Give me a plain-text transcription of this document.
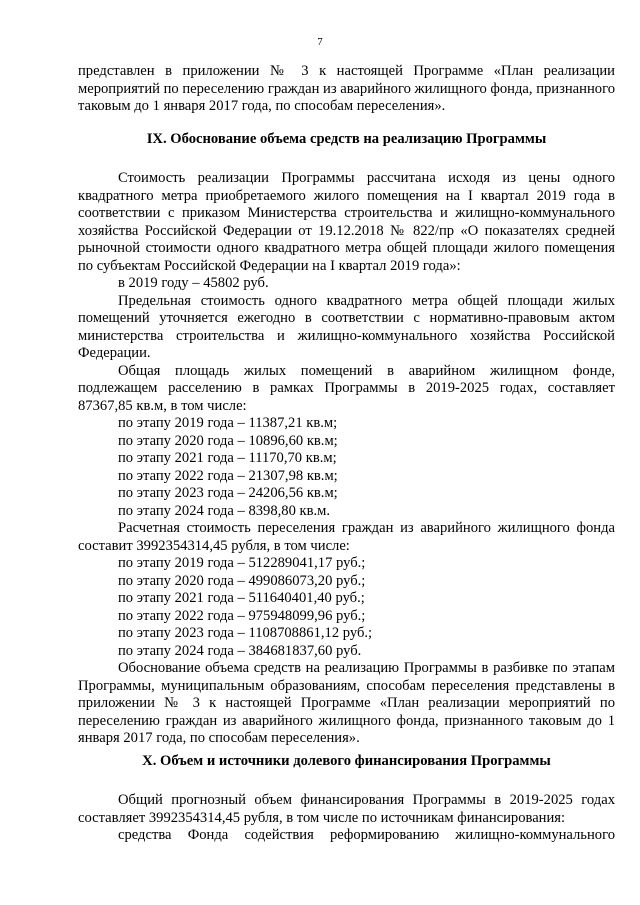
7

представлен в приложении № 3 к настоящей Программе «План реализации мероприятий по переселению граждан из аварийного жилищного фонда, признанного таковым до 1 января 2017 года, по способам переселения».

IX. Обоснование объема средств на реализацию Программы

Стоимость реализации Программы рассчитана исходя из цены одного квадратного метра приобретаемого жилого помещения на I квартал 2019 года в соответствии с приказом Министерства строительства и жилищно-коммунального хозяйства Российской Федерации от 19.12.2018 № 822/пр «О показателях средней рыночной стоимости одного квадратного метра общей площади жилого помещения по субъектам Российской Федерации на I квартал 2019 года»:

в 2019 году – 45802 руб.

Предельная стоимость одного квадратного метра общей площади жилых помещений уточняется ежегодно в соответствии с нормативно-правовым актом министерства строительства и жилищно-коммунального хозяйства Российской Федерации.

Общая площадь жилых помещений в аварийном жилищном фонде, подлежащем расселению в рамках Программы в 2019-2025 годах, составляет 87367,85 кв.м, в том числе:

по этапу 2019 года – 11387,21 кв.м;

по этапу 2020 года – 10896,60 кв.м;

по этапу 2021 года – 11170,70 кв.м;

по этапу 2022 года – 21307,98 кв.м;

по этапу 2023 года – 24206,56 кв.м;

по этапу 2024 года – 8398,80 кв.м.

Расчетная стоимость переселения граждан из аварийного жилищного фонда составит 3992354314,45 рубля, в том числе:

по этапу 2019 года – 512289041,17 руб.;

по этапу 2020 года – 499086073,20 руб.;

по этапу 2021 года – 511640401,40 руб.;

по этапу 2022 года – 975948099,96 руб.;

по этапу 2023 года – 1108708861,12 руб.;

по этапу 2024 года – 384681837,60 руб.

Обоснование объема средств на реализацию Программы в разбивке по этапам Программы, муниципальным образованиям, способам переселения представлены в приложении № 3 к настоящей Программе «План реализации мероприятий по переселению граждан из аварийного жилищного фонда, признанного таковым до 1 января 2017 года, по способам переселения».

X. Объем и источники долевого финансирования Программы

Общий прогнозный объем финансирования Программы в 2019-2025 годах составляет 3992354314,45 рубля, в том числе по источникам финансирования:

средства Фонда содействия реформированию жилищно-коммунального
